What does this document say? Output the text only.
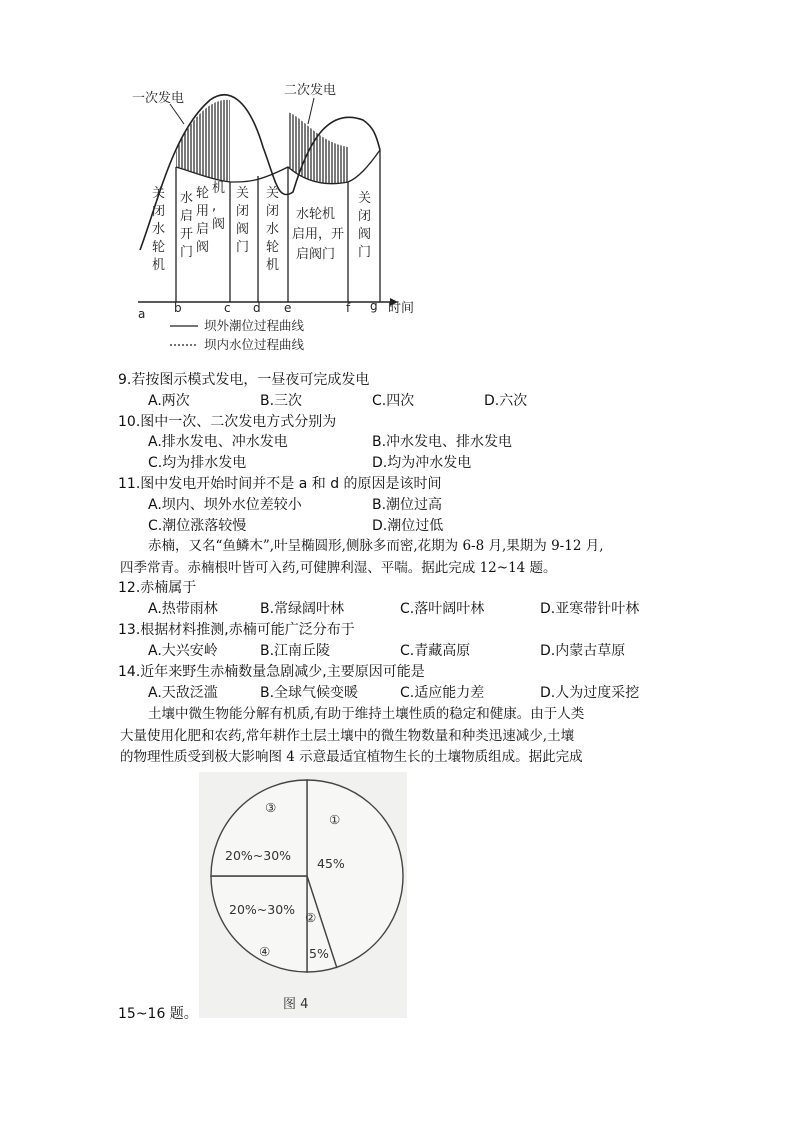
关
闭
水
轮
机
水
启
开
门
轮
用
启
阀
机
,
阀
关
闭
阀
门
关
闭
水
轮
机
水轮机
启用，开
启阀门
关
闭
阀
门
一次发电
二次发电
a b	c d e	f g 时间
坝外潮位过程曲线
坝内水位过程曲线
9.若按图示模式发电，一昼夜可完成发电
A.两次	B.三次	C.四次	D.六次
10.图中一次、二次发电方式分别为
A.排水发电、冲水发电	B.冲水发电、排水发电
C.均为排水发电	D.均为冲水发电
11.图中发电开始时间并不是 a 和 d 的原因是该时间
A.坝内、坝外水位差较小	B.潮位过高
C.潮位涨落较慢	D.潮位过低
赤楠，又名“鱼鳞木”,叶呈椭圆形,侧脉多而密,花期为 6-8 月,果期为 9-12 月,
四季常青。赤楠根叶皆可入药,可健脾利湿、平喘。据此完成 12~14 题。
12.赤楠属于
A.热带雨林	B.常绿阔叶林	C.落叶阔叶林	D.亚寒带针叶林
13.根据材料推测,赤楠可能广泛分布于
A.大兴安岭	B.江南丘陵	C.青藏高原	D.内蒙古草原
14.近年来野生赤楠数量急剧减少,主要原因可能是
A.天敌泛滥	B.全球气候变暖	C.适应能力差	D.人为过度采挖
土壤中微生物能分解有机质,有助于维持土壤性质的稳定和健康。由于人类
大量使用化肥和农药,常年耕作土层土壤中的微生物数量和种类迅速减少,土壤
的物理性质受到极大影响图 4 示意最适宜植物生长的土壤物质组成。据此完成
①
45%
②
5%
④
20%~30%
③
20%~30%
图 4
15~16 题。
